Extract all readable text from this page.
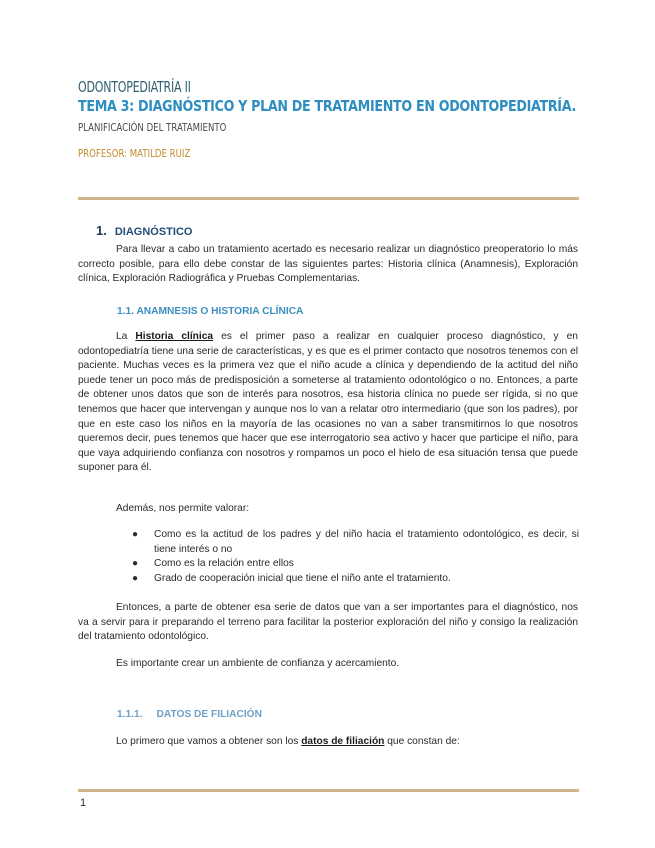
ODONTOPEDIATRÍA II
TEMA 3: DIAGNÓSTICO Y PLAN DE TRATAMIENTO EN ODONTOPEDIATRÍA.
PLANIFICACIÓN DEL TRATAMIENTO
PROFESOR: MATILDE RUIZ
1. DIAGNÓSTICO

Para llevar a cabo un tratamiento acertado es necesario realizar un diagnóstico preoperatorio lo más correcto posible, para ello debe constar de las siguientes partes: Historia clínica (Anamnesis), Exploración clínica, Exploración Radiográfica y Pruebas Complementarias.

1.1. ANAMNESIS O HISTORIA CLÍNICA

La Historia clínica es el primer paso a realizar en cualquier proceso diagnóstico, y en odontopediatría tiene una serie de características, y es que es el primer contacto que nosotros tenemos con el paciente. Muchas veces es la primera vez que el niño acude a clínica y dependiendo de la actitud del niño puede tener un poco más de predisposición a someterse al tratamiento odontológico o no. Entonces, a parte de obtener unos datos que son de interés para nosotros, esa historia clínica no puede ser rígida, si no que tenemos que hacer que intervengan y aunque nos lo van a relatar otro intermediario (que son los padres), por que en este caso los niños en la mayoría de las ocasiones no van a saber transmitirnos lo que nosotros queremos decir, pues tenemos que hacer que ese interrogatorio sea activo y hacer que participe el niño, para que vaya adquiriendo confianza con nosotros y rompamos un poco el hielo de esa situación tensa que puede suponer para él.

Además, nos permite valorar:

● Como es la actitud de los padres y del niño hacia el tratamiento odontológico, es decir, si tiene interés o no
● Como es la relación entre ellos
● Grado de cooperación inicial que tiene el niño ante el tratamiento.

Entonces, a parte de obtener esa serie de datos que van a ser importantes para el diagnóstico, nos va a servir para ir preparando el terreno para facilitar la posterior exploración del niño y consigo la realización del tratamiento odontológico.

Es importante crear un ambiente de confianza y acercamiento.

1.1.1. DATOS DE FILIACIÓN

Lo primero que vamos a obtener son los datos de filiación que constan de:

1
